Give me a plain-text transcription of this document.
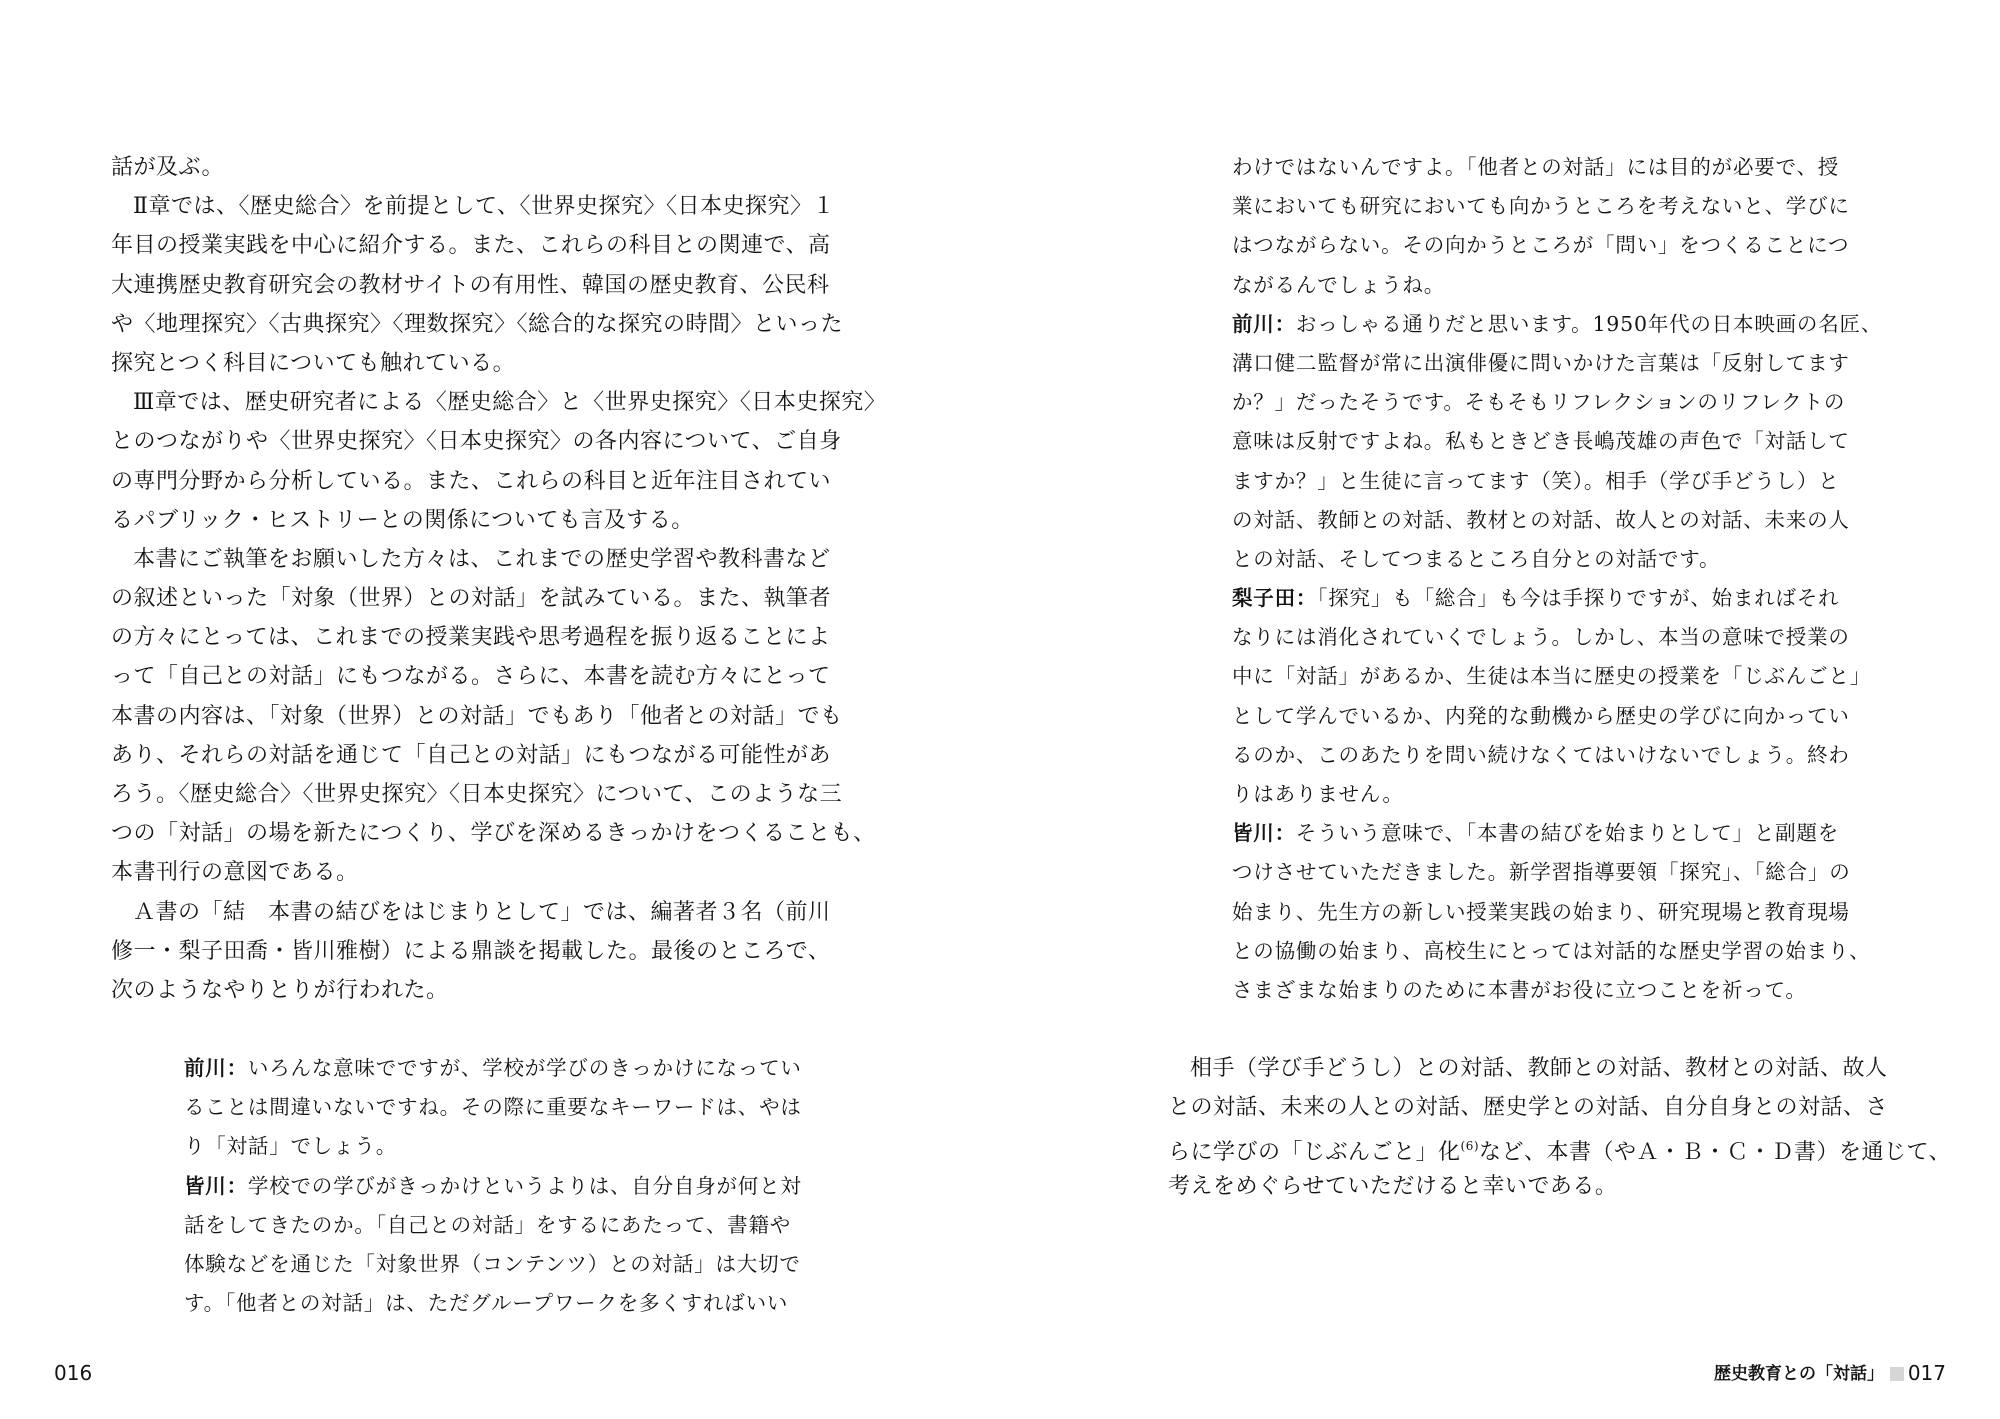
話が及ぶ。
Ⅱ章では、〈歴史総合〉を前提として、〈世界史探究〉〈日本史探究〉１
年目の授業実践を中心に紹介する。また、これらの科目との関連で、高
大連携歴史教育研究会の教材サイトの有用性、韓国の歴史教育、公民科
や〈地理探究〉〈古典探究〉〈理数探究〉〈総合的な探究の時間〉といった
探究とつく科目についても触れている。
Ⅲ章では、歴史研究者による〈歴史総合〉と〈世界史探究〉〈日本史探究〉
とのつながりや〈世界史探究〉〈日本史探究〉の各内容について、ご自身
の専門分野から分析している。また、これらの科目と近年注目されてい
るパブリック・ヒストリーとの関係についても言及する。
本書にご執筆をお願いした方々は、これまでの歴史学習や教科書など
の叙述といった「対象（世界）との対話」を試みている。また、執筆者
の方々にとっては、これまでの授業実践や思考過程を振り返ることによ
って「自己との対話」にもつながる。さらに、本書を読む方々にとって
本書の内容は、「対象（世界）との対話」でもあり「他者との対話」でも
あり、それらの対話を通じて「自己との対話」にもつながる可能性があ
ろう。〈歴史総合〉〈世界史探究〉〈日本史探究〉について、このような三
つの「対話」の場を新たにつくり、学びを深めるきっかけをつくることも、
本書刊行の意図である。
Ａ書の「結　本書の結びをはじまりとして」では、編著者３名（前川
修一・梨子田喬・皆川雅樹）による鼎談を掲載した。最後のところで、
次のようなやりとりが行われた。
前川：いろんな意味でですが、学校が学びのきっかけになってい
ることは間違いないですね。その際に重要なキーワードは、やは
り「対話」でしょう。
皆川：学校での学びがきっかけというよりは、自分自身が何と対
話をしてきたのか。「自己との対話」をするにあたって、書籍や
体験などを通じた「対象世界（コンテンツ）との対話」は大切で
す。「他者との対話」は、ただグループワークを多くすればいい
016
わけではないんですよ。「他者との対話」には目的が必要で、授
業においても研究においても向かうところを考えないと、学びに
はつながらない。その向かうところが「問い」をつくることにつ
ながるんでしょうね。
前川：おっしゃる通りだと思います。1950年代の日本映画の名匠、
溝口健二監督が常に出演俳優に問いかけた言葉は「反射してます
か？」だったそうです。そもそもリフレクションのリフレクトの
意味は反射ですよね。私もときどき長嶋茂雄の声色で「対話して
ますか？」と生徒に言ってます（笑）。相手（学び手どうし）と
の対話、教師との対話、教材との対話、故人との対話、未来の人
との対話、そしてつまるところ自分との対話です。
梨子田：「探究」も「総合」も今は手探りですが、始まればそれ
なりには消化されていくでしょう。しかし、本当の意味で授業の
中に「対話」があるか、生徒は本当に歴史の授業を「じぶんごと」
として学んでいるか、内発的な動機から歴史の学びに向かってい
るのか、このあたりを問い続けなくてはいけないでしょう。終わ
りはありません。
皆川：そういう意味で、「本書の結びを始まりとして」と副題を
つけさせていただきました。新学習指導要領「探究」、「総合」の
始まり、先生方の新しい授業実践の始まり、研究現場と教育現場
との協働の始まり、高校生にとっては対話的な歴史学習の始まり、
さまざまな始まりのために本書がお役に立つことを祈って。
相手（学び手どうし）との対話、教師との対話、教材との対話、故人
との対話、未来の人との対話、歴史学との対話、自分自身との対話、さ
らに学びの「じぶんごと」化$^{(6)}$など、本書（やＡ・Ｂ・Ｃ・Ｄ書）を通じて、
考えをめぐらせていただけると幸いである。
歴史教育との「対話」 017
